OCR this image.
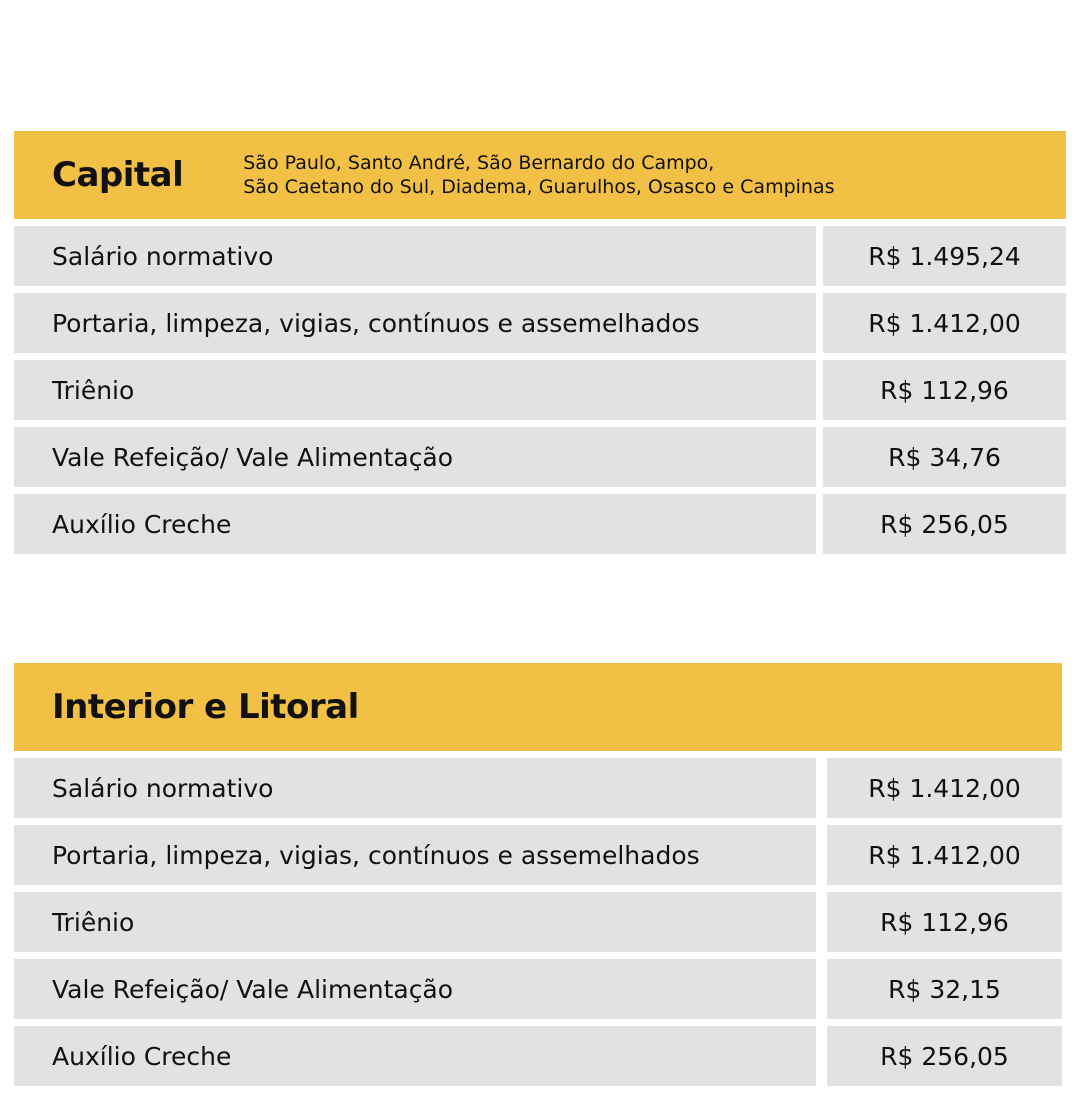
Capital	São Paulo, Santo André, São Bernardo do Campo,
São Caetano do Sul, Diadema, Guarulhos, Osasco e Campinas
Salário normativo	R$ 1.495,24
Portaria, limpeza, vigias, contínuos e assemelhados	R$ 1.412,00
Triênio	R$ 112,96
Vale Refeição/ Vale Alimentação	R$ 34,76
Auxílio Creche	R$ 256,05
Interior e Litoral
Salário normativo	R$ 1.412,00
Portaria, limpeza, vigias, contínuos e assemelhados	R$ 1.412,00
Triênio	R$ 112,96
Vale Refeição/ Vale Alimentação	R$ 32,15
Auxílio Creche	R$ 256,05
